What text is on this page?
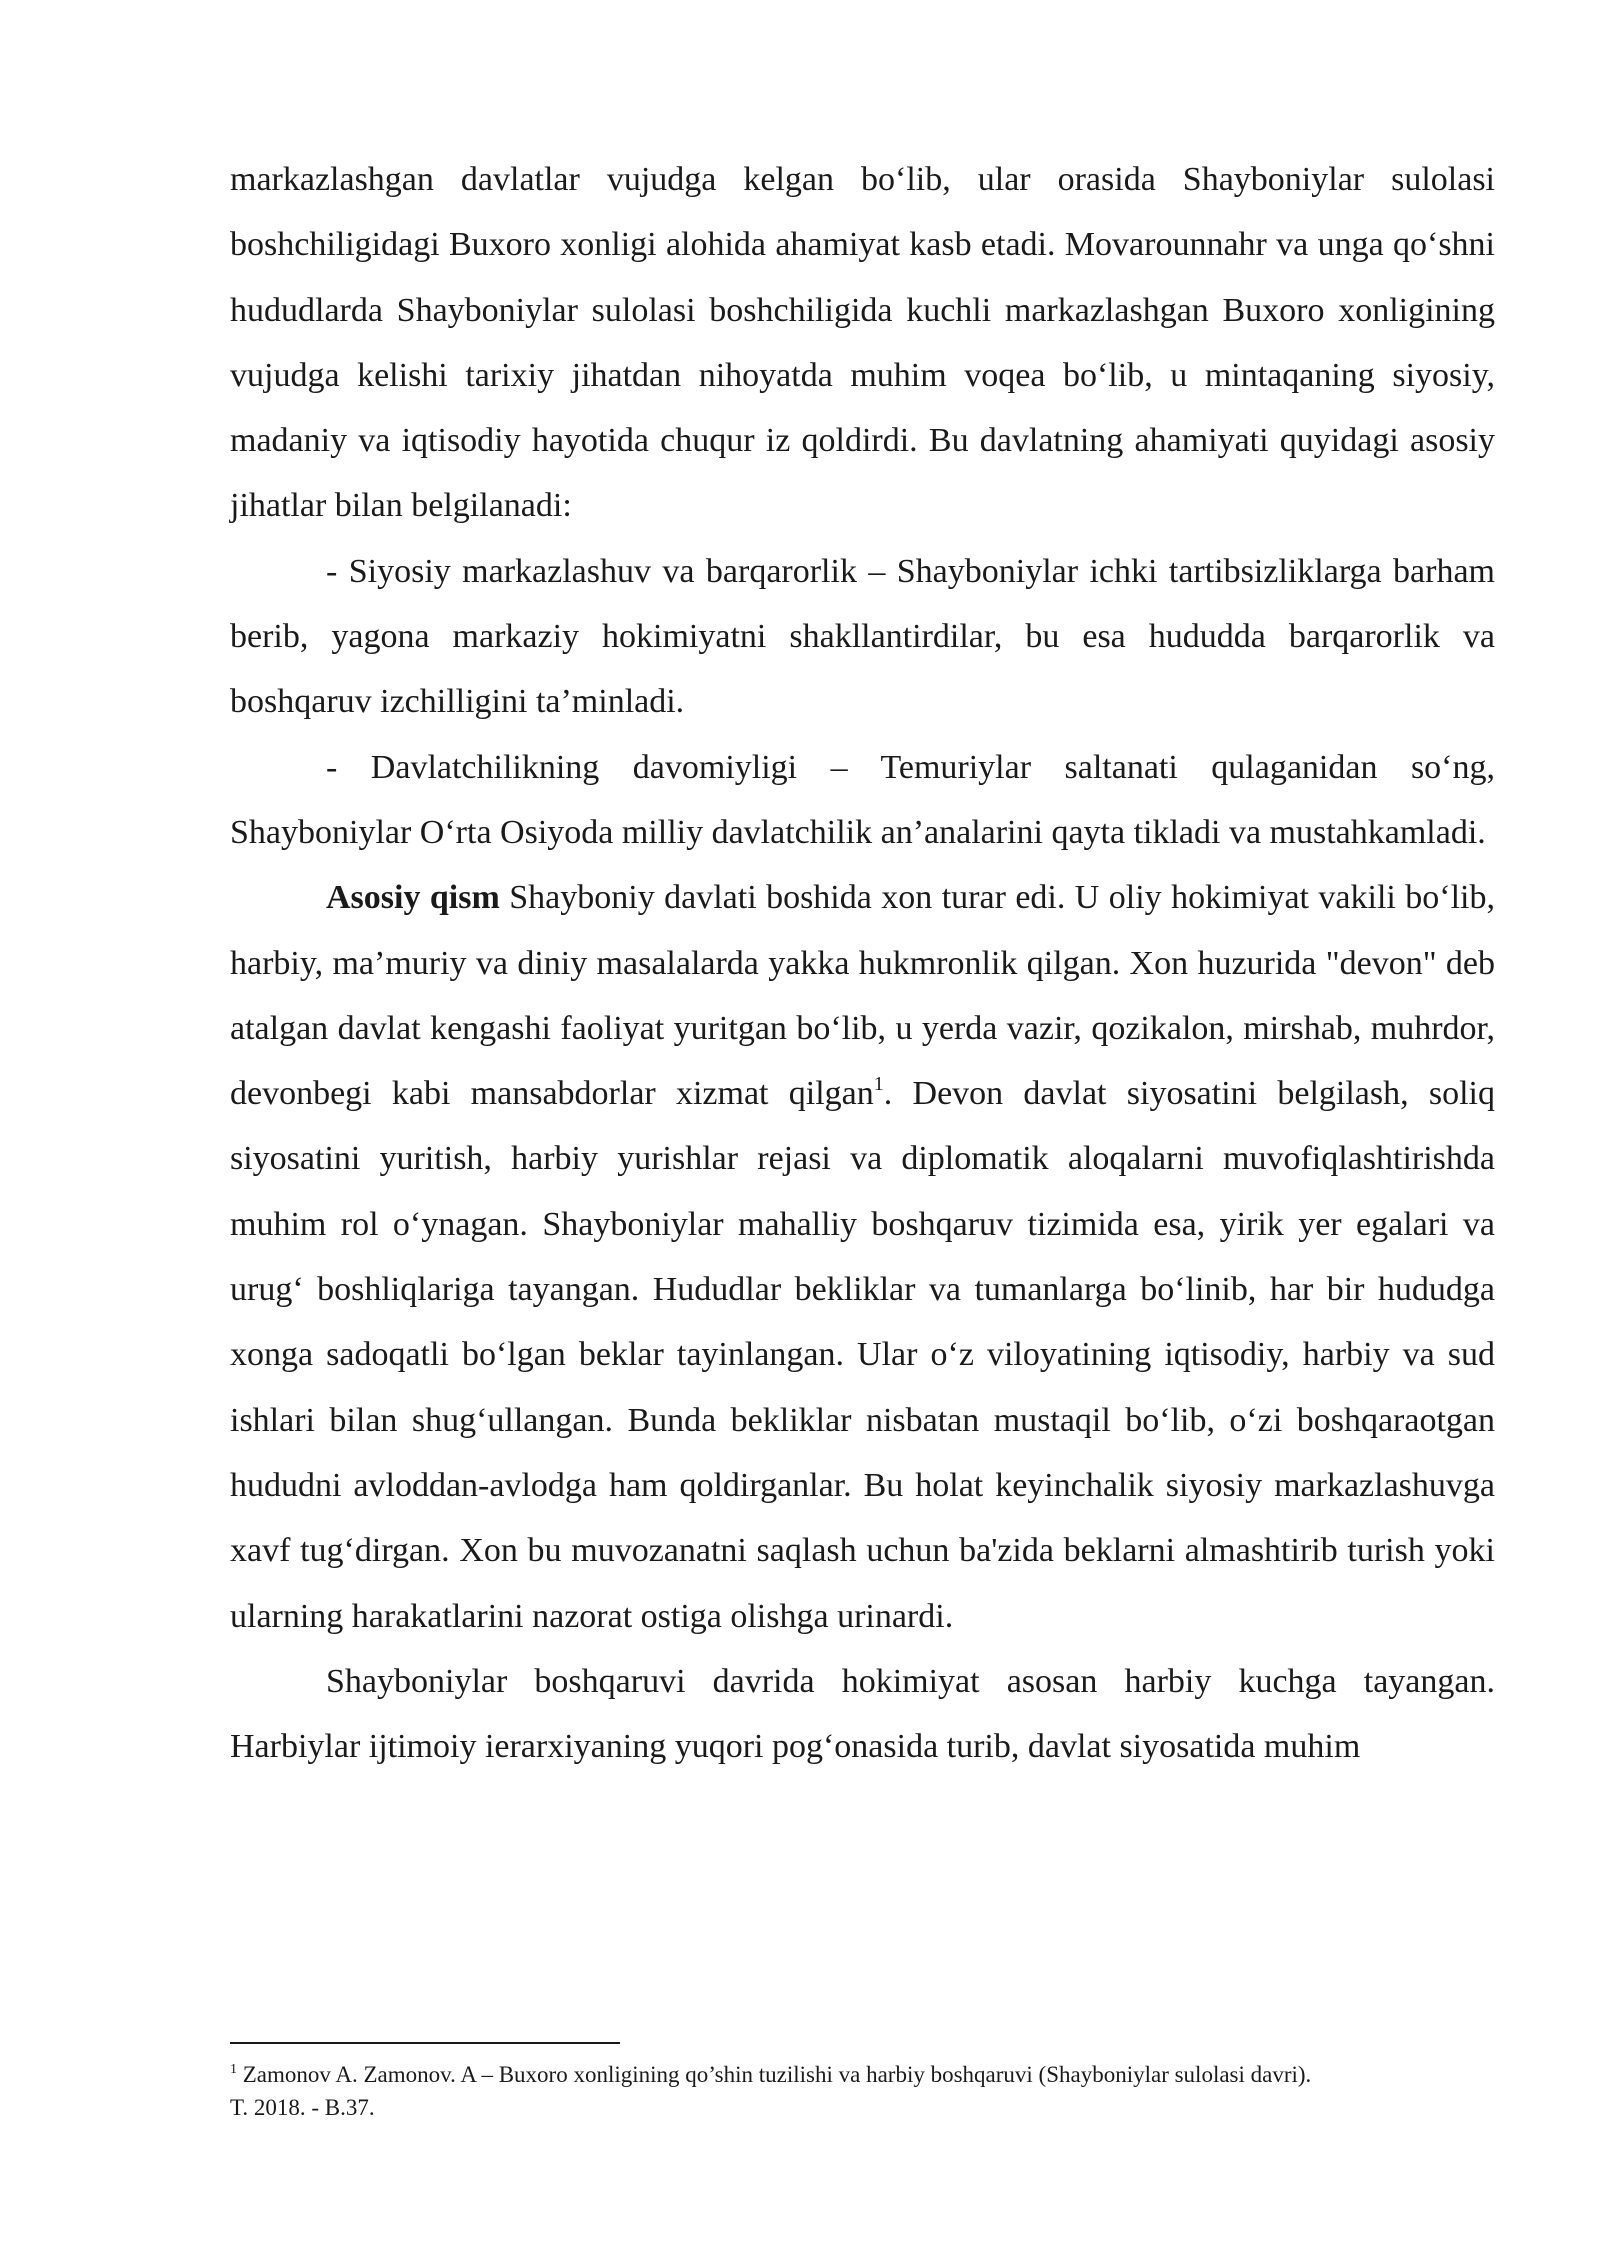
markazlashgan davlatlar vujudga kelgan bo‘lib, ular orasida Shayboniylar sulolasi boshchiligidagi Buxoro xonligi alohida ahamiyat kasb etadi. Movarounnahr va unga qo‘shni hududlarda Shayboniylar sulolasi boshchiligida kuchli markazlashgan Buxoro xonligining vujudga kelishi tarixiy jihatdan nihoyatda muhim voqea bo‘lib, u mintaqaning siyosiy, madaniy va iqtisodiy hayotida chuqur iz qoldirdi. Bu davlatning ahamiyati quyidagi asosiy jihatlar bilan belgilanadi:

- Siyosiy markazlashuv va barqarorlik – Shayboniylar ichki tartibsizliklarga barham berib, yagona markaziy hokimiyatni shakllantirdilar, bu esa hududda barqarorlik va boshqaruv izchilligini ta’minladi.

- Davlatchilikning davomiyligi – Temuriylar saltanati qulaganidan so‘ng, Shayboniylar O‘rta Osiyoda milliy davlatchilik an’analarini qayta tikladi va mustahkamladi.

Asosiy qism Shayboniy davlati boshida xon turar edi. U oliy hokimiyat vakili bo‘lib, harbiy, ma’muriy va diniy masalalarda yakka hukmronlik qilgan. Xon huzurida "devon" deb atalgan davlat kengashi faoliyat yuritgan bo‘lib, u yerda vazir, qozikalon, mirshab, muhrdor, devonbegi kabi mansabdorlar xizmat qilgan$^1$. Devon davlat siyosatini belgilash, soliq siyosatini yuritish, harbiy yurishlar rejasi va diplomatik aloqalarni muvofiqlashtirishda muhim rol o‘ynagan. Shayboniylar mahalliy boshqaruv tizimida esa, yirik yer egalari va urug‘ boshliqlariga tayangan. Hududlar bekliklar va tumanlarga bo‘linib, har bir hududga xonga sadoqatli bo‘lgan beklar tayinlangan. Ular o‘z viloyatining iqtisodiy, harbiy va sud ishlari bilan shug‘ullangan. Bunda bekliklar nisbatan mustaqil bo‘lib, o‘zi boshqaraotgan hududni avloddan-avlodga ham qoldirganlar. Bu holat keyinchalik siyosiy markazlashuvga xavf tug‘dirgan. Xon bu muvozanatni saqlash uchun ba'zida beklarni almashtirib turish yoki ularning harakatlarini nazorat ostiga olishga urinardi.

Shayboniylar boshqaruvi davrida hokimiyat asosan harbiy kuchga tayangan. Harbiylar ijtimoiy ierarxiyaning yuqori pog‘onasida turib, davlat siyosatida muhim

$^1$ Zamonov A. Zamonov. A – Buxoro xonligining qo’shin tuzilishi va harbiy boshqaruvi (Shayboniylar sulolasi davri).

T. 2018. - B.37.
